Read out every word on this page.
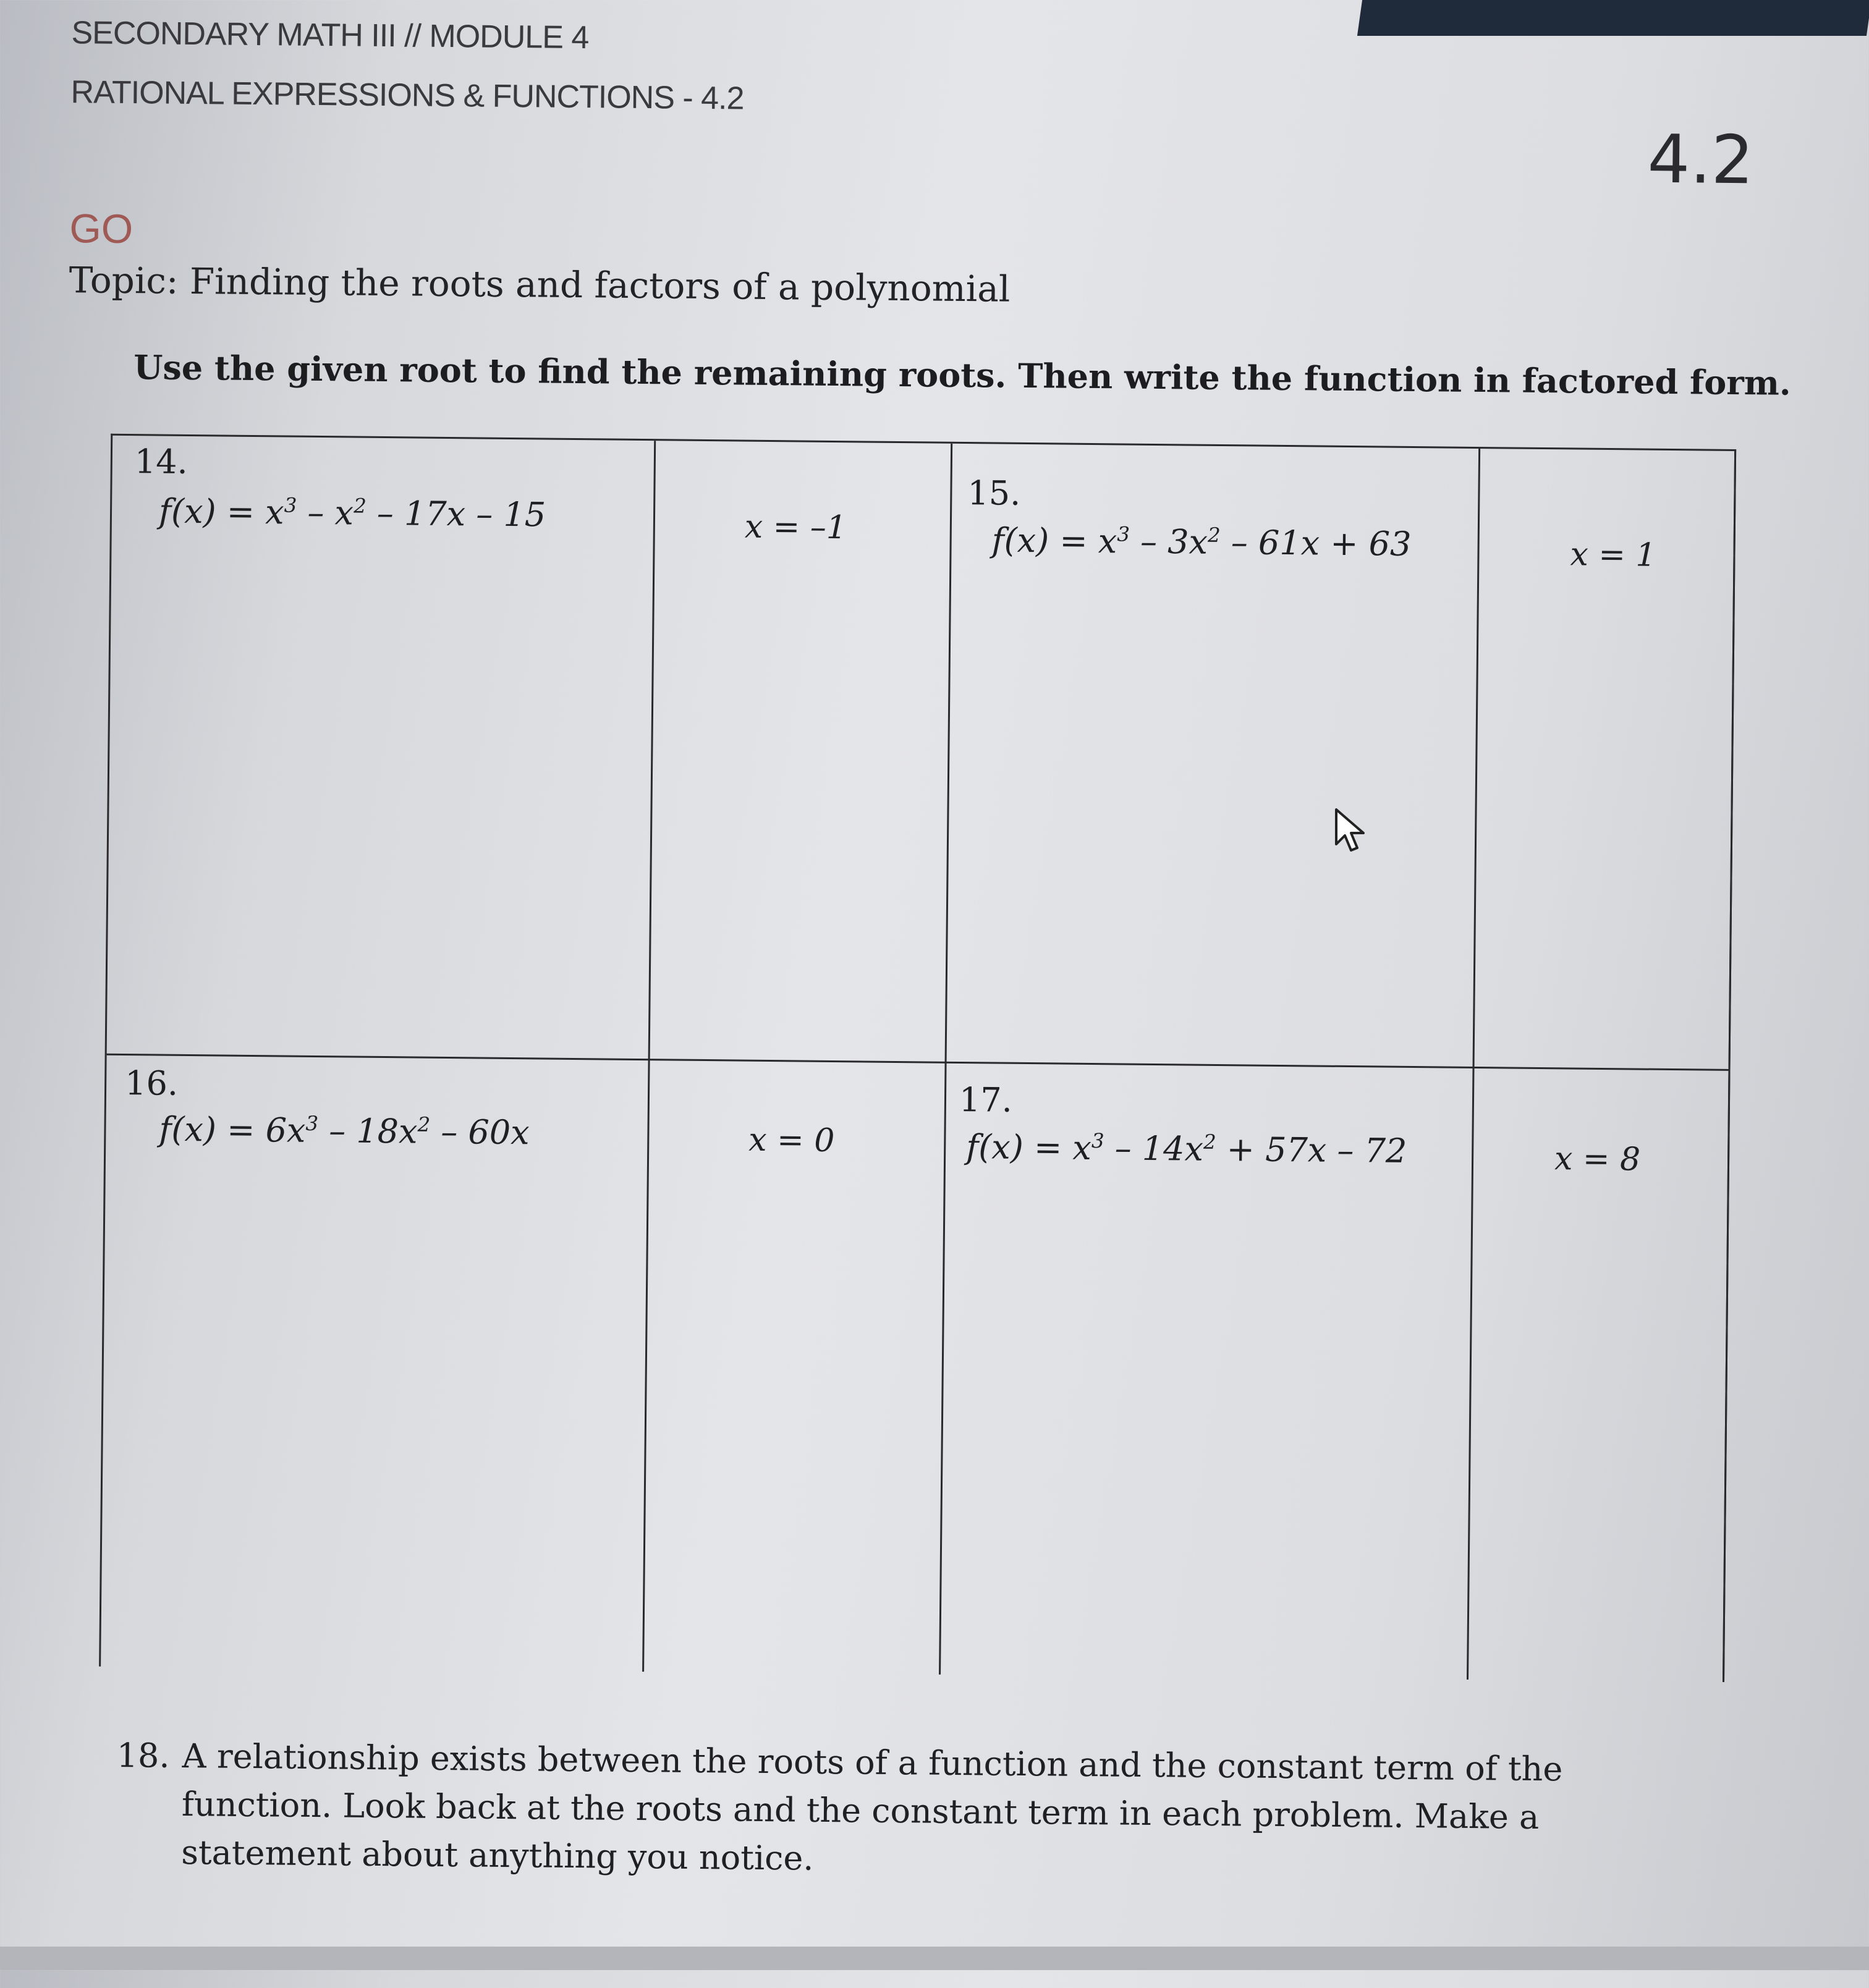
SECONDARY MATH III // MODULE 4
RATIONAL EXPRESSIONS & FUNCTIONS - 4.2
4.2
GO
Topic: Finding the roots and factors of a polynomial
Use the given root to find the remaining roots. Then write the function in factored form.
14.
$f(x) = x^3 - x^2 - 17x - 15$	x = –1
15.
$f(x) = x^3 - 3x^2 - 61x + 63$	x = 1
16.
$f(x) = 6x^3 - 18x^2 - 60x$	x = 0
17.
$f(x) = x^3 - 14x^2 + 57x - 72$	x = 8
18. A relationship exists between the roots of a function and the constant term of the function. Look back at the roots and the constant term in each problem. Make a statement about anything you notice.
